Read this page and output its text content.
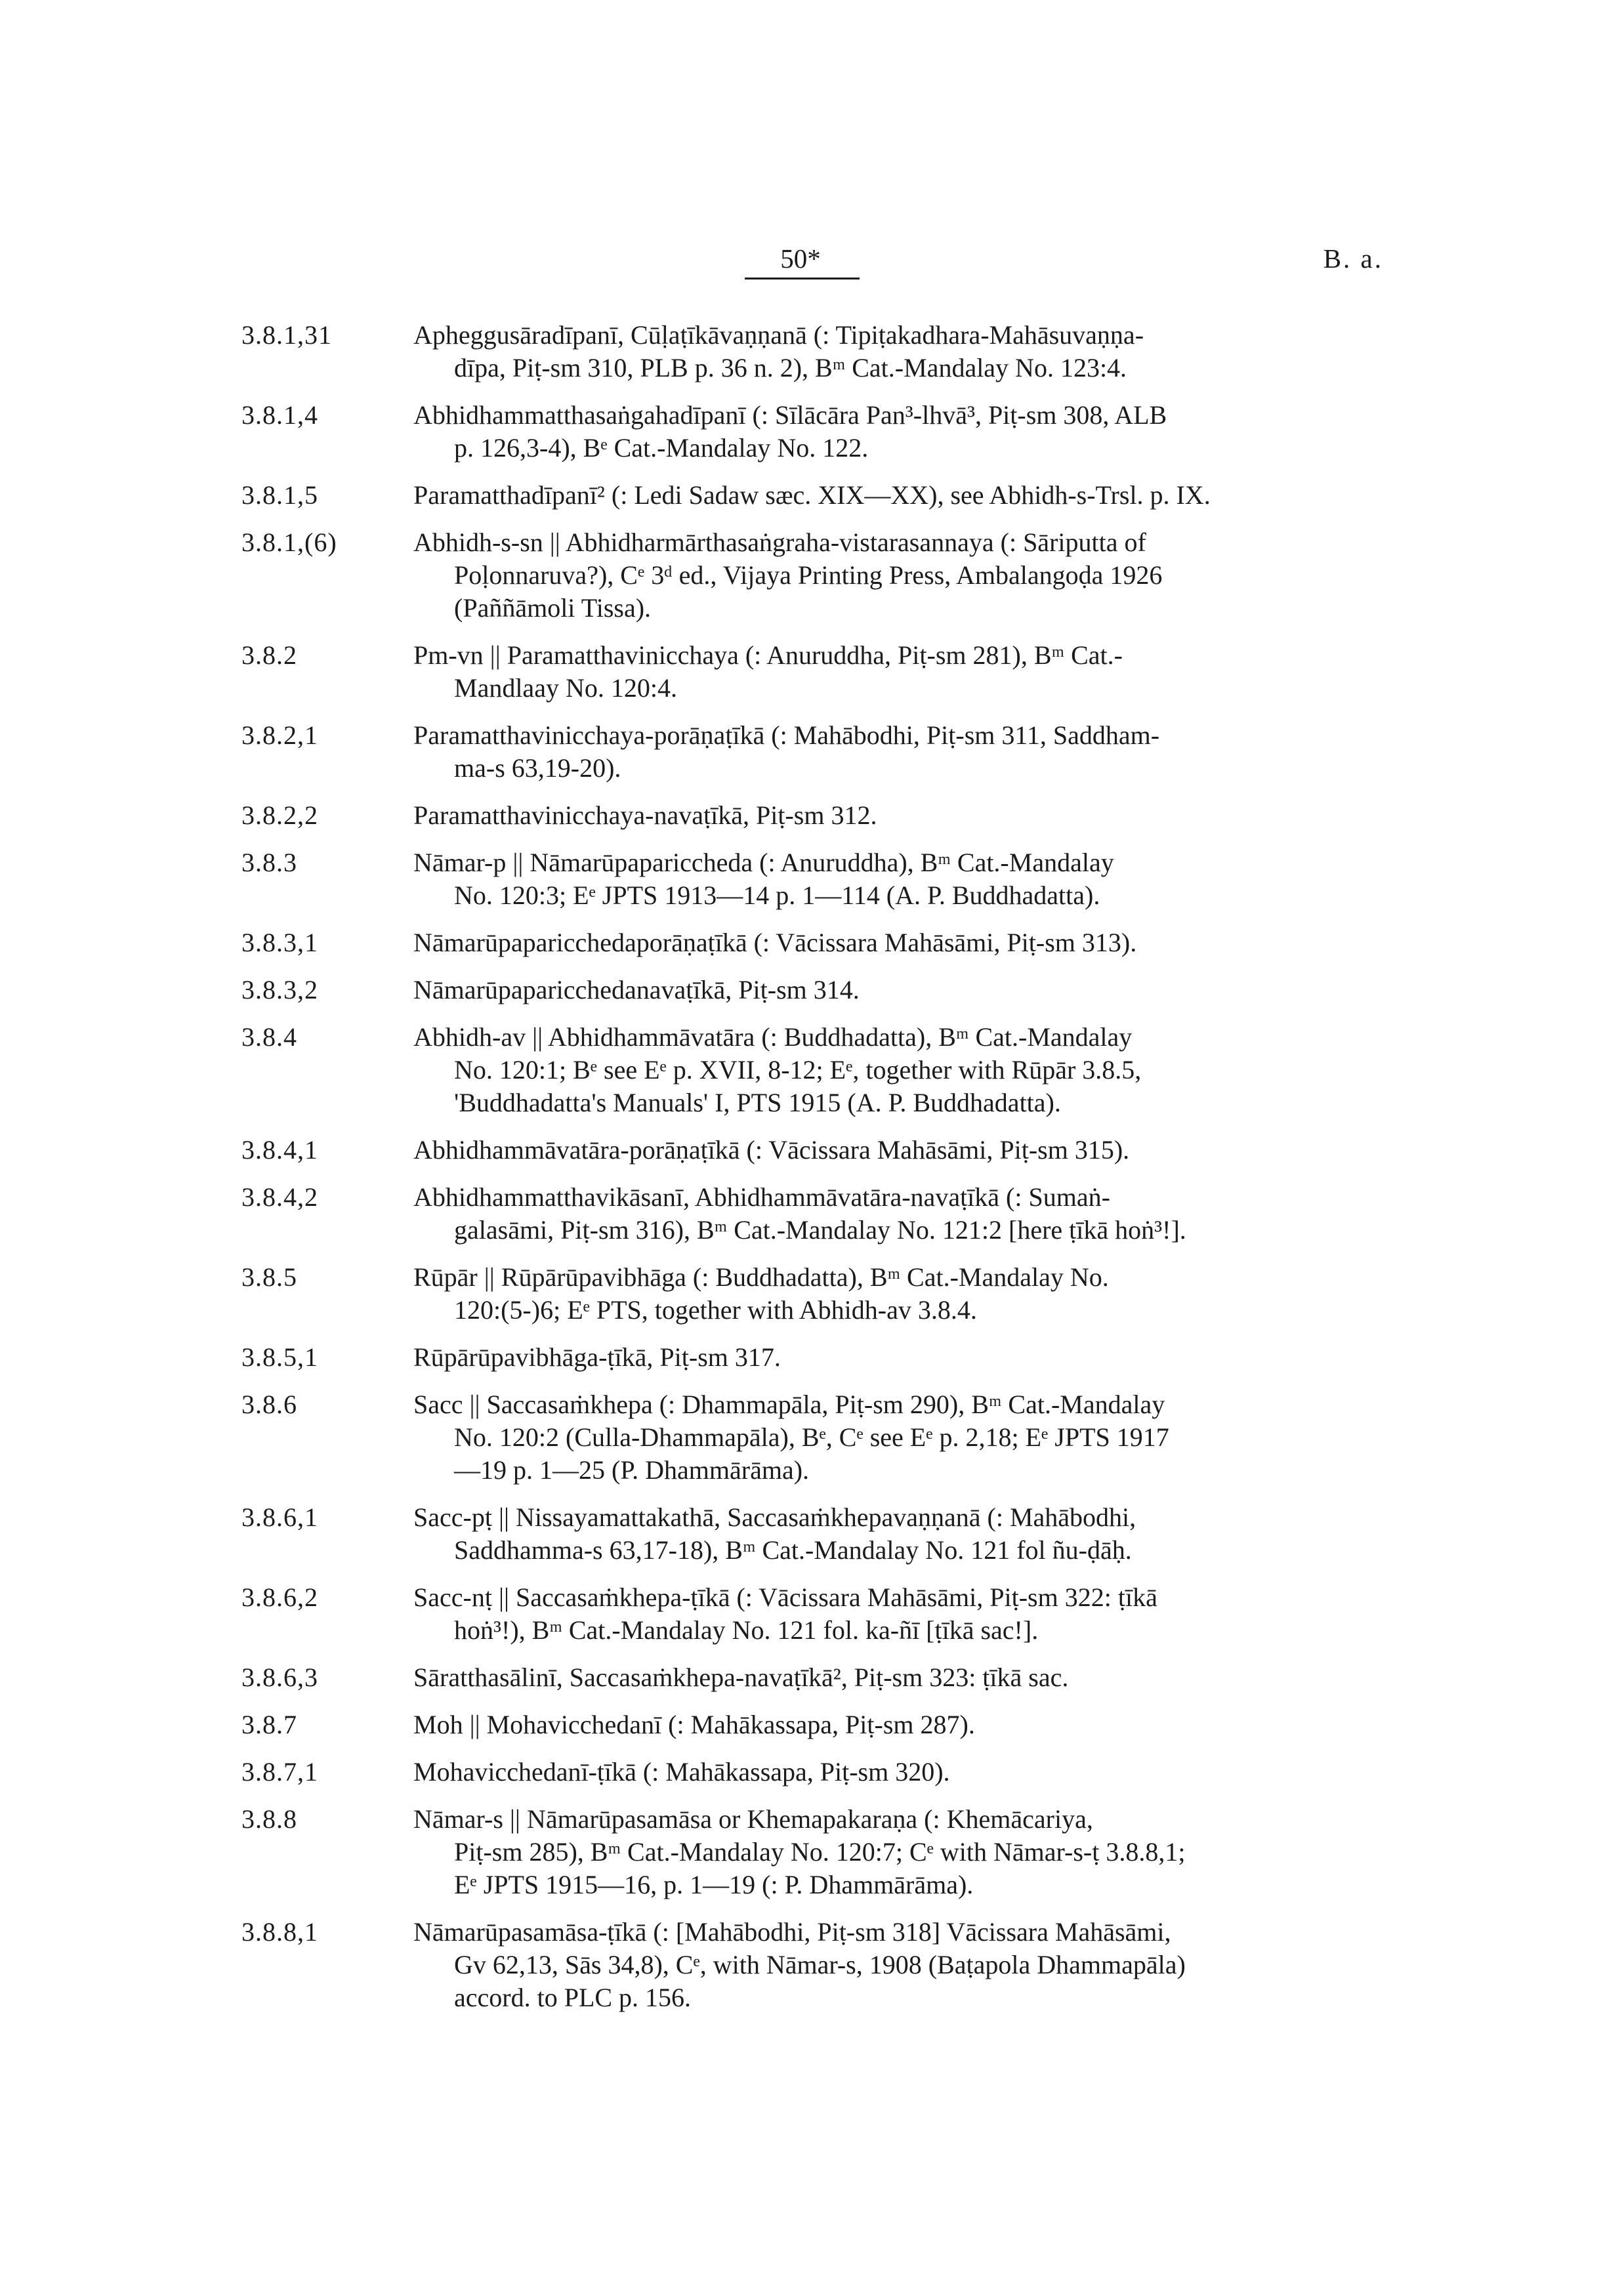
50*	B. a.
3.8.1,31	Apheggusāradīpanī, Cūḷaṭīkāvaṇṇanā (: Tipiṭakadhara-Mahāsuvaṇṇa-
dīpa, Piṭ-sm 310, PLB p. 36 n. 2), Bᵐ Cat.-Mandalay No. 123:4.
3.8.1,4	Abhidhammatthasaṅgahadīpanī (: Sīlācāra Pan³-lhvā³, Piṭ-sm 308, ALB
p. 126,3-4), Bᵉ Cat.-Mandalay No. 122.
3.8.1,5	Paramatthadīpanī² (: Ledi Sadaw sæc. XIX—XX), see Abhidh-s-Trsl. p. IX.
3.8.1,(6)	Abhidh-s-sn || Abhidharmārthasaṅgraha-vistarasannaya (: Sāriputta of
Poḷonnaruva?), Cᵉ 3ᵈ ed., Vijaya Printing Press, Ambalangoḍa 1926
(Paññāmoli Tissa).
3.8.2	Pm-vn || Paramatthavinicchaya (: Anuruddha, Piṭ-sm 281), Bᵐ Cat.-
Mandlaay No. 120:4.
3.8.2,1	Paramatthavinicchaya-porāṇaṭīkā (: Mahābodhi, Piṭ-sm 311, Saddham-
ma-s 63,19-20).
3.8.2,2	Paramatthavinicchaya-navaṭīkā, Piṭ-sm 312.
3.8.3	Nāmar-p || Nāmarūpapariccheda (: Anuruddha), Bᵐ Cat.-Mandalay
No. 120:3; Eᵉ JPTS 1913—14 p. 1—114 (A. P. Buddhadatta).
3.8.3,1	Nāmarūpaparicchedaporāṇaṭīkā (: Vācissara Mahāsāmi, Piṭ-sm 313).
3.8.3,2	Nāmarūpaparicchedanavaṭīkā, Piṭ-sm 314.
3.8.4	Abhidh-av || Abhidhammāvatāra (: Buddhadatta), Bᵐ Cat.-Mandalay
No. 120:1; Bᵉ see Eᵉ p. XVII, 8-12; Eᵉ, together with Rūpār 3.8.5,
'Buddhadatta's Manuals' I, PTS 1915 (A. P. Buddhadatta).
3.8.4,1	Abhidhammāvatāra-porāṇaṭīkā (: Vācissara Mahāsāmi, Piṭ-sm 315).
3.8.4,2	Abhidhammatthavikāsanī, Abhidhammāvatāra-navaṭīkā (: Sumaṅ-
galasāmi, Piṭ-sm 316), Bᵐ Cat.-Mandalay No. 121:2 [here ṭīkā hoṅ³!].
3.8.5	Rūpār || Rūpārūpavibhāga (: Buddhadatta), Bᵐ Cat.-Mandalay No.
120:(5-)6; Eᵉ PTS, together with Abhidh-av 3.8.4.
3.8.5,1	Rūpārūpavibhāga-ṭīkā, Piṭ-sm 317.
3.8.6	Sacc || Saccasaṁkhepa (: Dhammapāla, Piṭ-sm 290), Bᵐ Cat.-Mandalay
No. 120:2 (Culla-Dhammapāla), Bᵉ, Cᵉ see Eᵉ p. 2,18; Eᵉ JPTS 1917
—19 p. 1—25 (P. Dhammārāma).
3.8.6,1	Sacc-pṭ || Nissayamattakathā, Saccasaṁkhepavaṇṇanā (: Mahābodhi,
Saddhamma-s 63,17-18), Bᵐ Cat.-Mandalay No. 121 fol ñu-ḍāḥ.
3.8.6,2	Sacc-nṭ || Saccasaṁkhepa-ṭīkā (: Vācissara Mahāsāmi, Piṭ-sm 322: ṭīkā
hoṅ³!), Bᵐ Cat.-Mandalay No. 121 fol. ka-ñī [ṭīkā sac!].
3.8.6,3	Sāratthasālinī, Saccasaṁkhepa-navaṭīkā², Piṭ-sm 323: ṭīkā sac.
3.8.7	Moh || Mohavicchedanī (: Mahākassapa, Piṭ-sm 287).
3.8.7,1	Mohavicchedanī-ṭīkā (: Mahākassapa, Piṭ-sm 320).
3.8.8	Nāmar-s || Nāmarūpasamāsa or Khemapakaraṇa (: Khemācariya,
Piṭ-sm 285), Bᵐ Cat.-Mandalay No. 120:7; Cᵉ with Nāmar-s-ṭ 3.8.8,1;
Eᵉ JPTS 1915—16, p. 1—19 (: P. Dhammārāma).
3.8.8,1	Nāmarūpasamāsa-ṭīkā (: [Mahābodhi, Piṭ-sm 318] Vācissara Mahāsāmi,
Gv 62,13, Sās 34,8), Cᵉ, with Nāmar-s, 1908 (Baṭapola Dhammapāla)
accord. to PLC p. 156.
